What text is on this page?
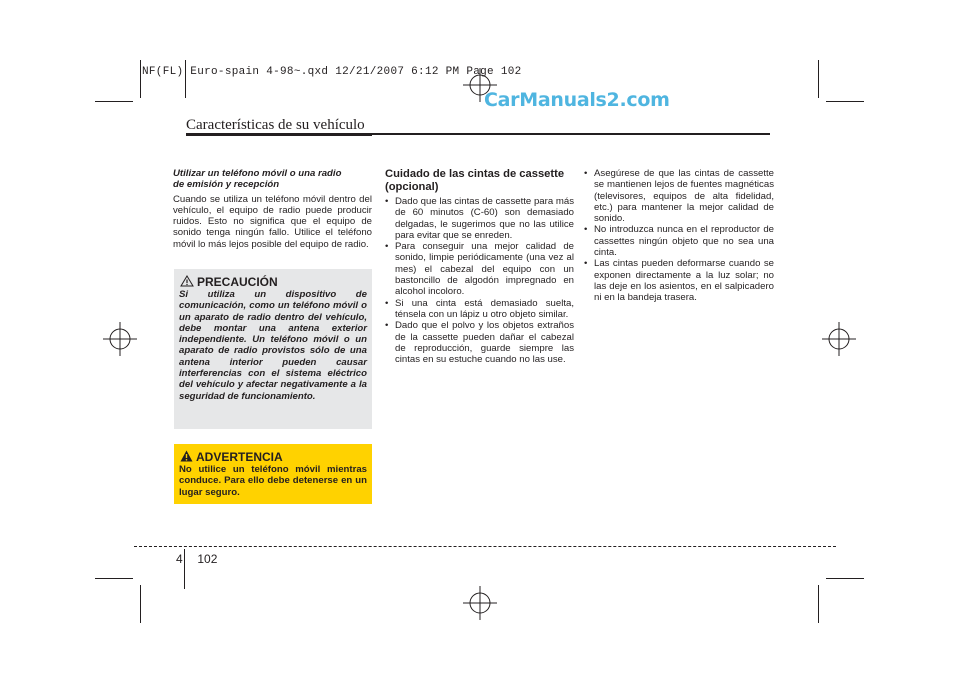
NF(FL) Euro-spain 4-98~.qxd 12/21/2007 6:12 PM Page 102
CarManuals2.com
Características de su vehículo
Utilizar un teléfono móvil o una radio
de emisión y recepción
Cuando se utiliza un teléfono móvil dentro del vehículo, el equipo de radio puede producir ruidos. Esto no significa que el equipo de sonido tenga ningún fallo. Utilice el teléfono móvil lo más lejos posible del equipo de radio.
PRECAUCIÓN
Si utiliza un dispositivo de comunicación, como un teléfono móvil o un aparato de radio dentro del vehículo, debe montar una antena exterior independiente. Un teléfono móvil o un aparato de radio provistos sólo de una antena interior pueden causar interferencias con el sistema eléctrico del vehículo y afectar negativamente a la seguridad de funcionamiento.
ADVERTENCIA
No utilice un teléfono móvil mientras conduce. Para ello debe detenerse en un lugar seguro.
Cuidado de las cintas de cassette
(opcional)
• Dado que las cintas de cassette para más de 60 minutos (C-60) son demasiado delgadas, le sugerimos que no las utilice para evitar que se enreden.
• Para conseguir una mejor calidad de sonido, limpie periódicamente (una vez al mes) el cabezal del equipo con un bastoncillo de algodón impregnado en alcohol incoloro.
• Si una cinta está demasiado suelta, ténsela con un lápiz u otro objeto similar.
• Dado que el polvo y los objetos extraños de la cassette pueden dañar el cabezal de reproducción, guarde siempre las cintas en su estuche cuando no las use.
• Asegúrese de que las cintas de cassette se mantienen lejos de fuentes magnéticas (televisores, equipos de alta fidelidad, etc.) para mantener la mejor calidad de sonido.
• No introduzca nunca en el reproductor de cassettes ningún objeto que no sea una cinta.
• Las cintas pueden deformarse cuando se exponen directamente a la luz solar; no las deje en los asientos, en el salpicadero ni en la bandeja trasera.
4 102
